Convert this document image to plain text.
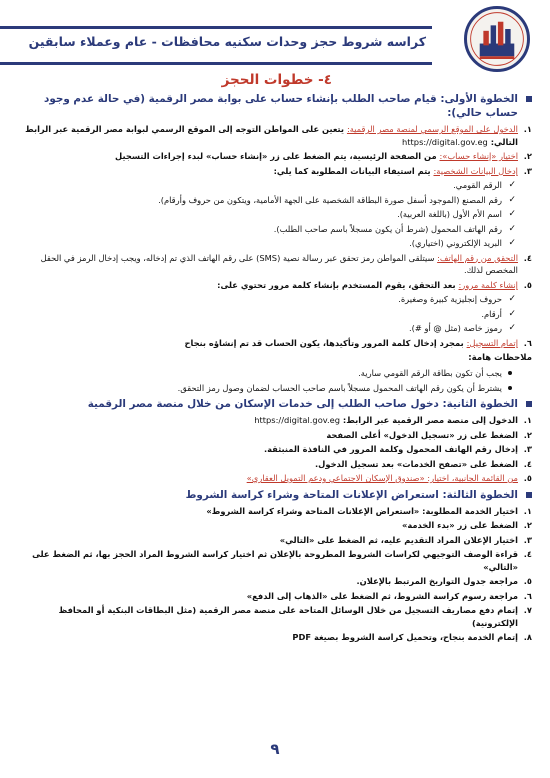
كراسه شروط حجز وحدات سكنيه محافظات - عام وعملاء سابقين
٤- خطوات الحجز
الخطوة الأولى: قيام صاحب الطلب بإنشاء حساب على بوابة مصر الرقمية (في حالة عدم وجود حساب حالي):
١.
الدخول على الموقع الرسمي لمنصة مصر الرقمية: يتعين على المواطن التوجه إلى الموقع الرسمي لبوابة مصر الرقمية عبر الرابط التالي: https://digital.gov.eg
٢.
اختيار «إنشاء حساب»: من الصفحة الرئيسية، يتم الضغط على زر «إنشاء حساب» لبدء إجراءات التسجيل
٣.
إدخال البيانات الشخصية: يتم استيفاء البيانات المطلوبة كما يلي:
✓
الرقم القومي.
✓
رقم المصنع (الموجود أسفل صورة البطاقة الشخصية على الجهة الأمامية، ويتكون من حروف وأرقام).
✓
اسم الأم الأول (باللغة العربية).
✓
رقم الهاتف المحمول (شرط أن يكون مسجلاً باسم صاحب الطلب).
✓
البريد الإلكتروني (اختياري).
٤.
التحقق من رقم الهاتف: سيتلقى المواطن رمز تحقق عبر رسالة نصية (SMS) على رقم الهاتف الذي تم إدخاله، ويجب إدخال الرمز في الحقل المخصص لذلك.
٥.
إنشاء كلمة مرور: بعد التحقق، يقوم المستخدم بإنشاء كلمة مرور تحتوي على:
✓
حروف إنجليزية كبيرة وصغيرة.
✓
أرقام.
✓
رموز خاصة (مثل @ أو #).
٦.
إتمام التسجيل: بمجرد إدخال كلمة المرور وتأكيدها، يكون الحساب قد تم إنشاؤه بنجاح
ملاحظات هامة:
يجب أن تكون بطاقة الرقم القومي سارية.
يشترط أن يكون رقم الهاتف المحمول مسجلاً باسم صاحب الحساب لضمان وصول رمز التحقق.
الخطوة الثانية: دخول صاحب الطلب إلى خدمات الإسكان من خلال منصة مصر الرقمية
١.
الدخول إلى منصة مصر الرقمية عبر الرابط: https://digital.gov.eg
٢.
الضغط على زر «تسجيل الدخول» أعلى الصفحة
٣.
إدخال رقم الهاتف المحمول وكلمة المرور في النافذة المنبثقة.
٤.
الضغط على «تصفح الخدمات» بعد تسجيل الدخول.
٥.
من القائمة الجانبية، اختيار: «صندوق الإسكان الاجتماعي ودعم التمويل العقاري»
الخطوة الثالثة: استعراض الإعلانات المتاحة وشراء كراسة الشروط
١.
اختيار الخدمة المطلوبة: «استعراض الإعلانات المتاحة وشراء كراسة الشروط»
٢.
الضغط على زر «بدء الخدمة»
٣.
اختيار الإعلان المراد التقديم عليه، ثم الضغط على «التالي»
٤.
قراءة الوصف التوجيهي لكراسات الشروط المطروحة بالإعلان ثم اختيار كراسة الشروط المراد الحجز بها، ثم الضغط على «التالي»
٥.
مراجعة جدول التواريخ المرتبط بالإعلان.
٦.
مراجعة رسوم كراسة الشروط، ثم الضغط على «الذهاب إلى الدفع»
٧.
إتمام دفع مصاريف التسجيل من خلال الوسائل المتاحة على منصة مصر الرقمية (مثل البطاقات البنكية أو المحافظ الإلكترونية)
٨.
إتمام الخدمة بنجاح، وتحميل كراسة الشروط بصيغة PDF
٩
